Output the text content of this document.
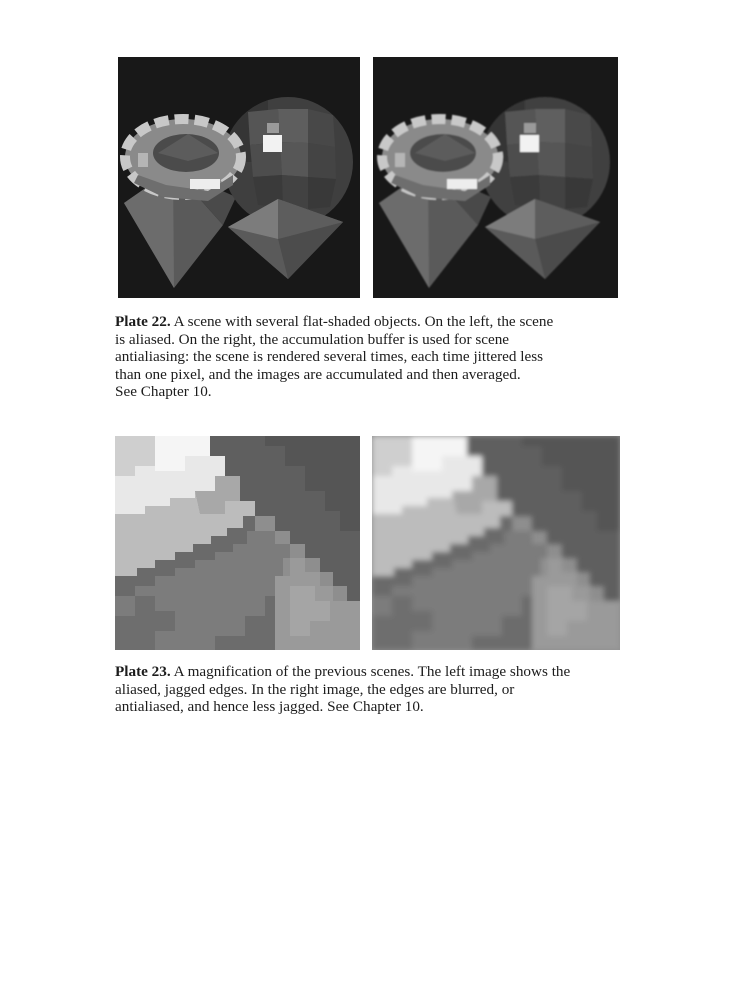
Plate 22. A scene with several flat-shaded objects. On the left, the scene
is aliased. On the right, the accumulation buffer is used for scene
antialiasing: the scene is rendered several times, each time jittered less
than one pixel, and the images are accumulated and then averaged.
See Chapter 10.
Plate 23. A magnification of the previous scenes. The left image shows the
aliased, jagged edges. In the right image, the edges are blurred, or
antialiased, and hence less jagged. See Chapter 10.
